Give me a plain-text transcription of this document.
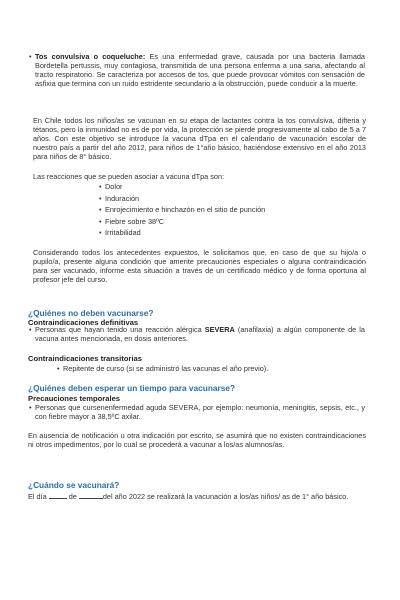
• Tos convulsiva o coqueluche: Es una enfermedad grave, causada por una bacteria llamada Bordetella pertussis, muy contagiosa, transmitida de una persona enferma a una sana, afectando al tracto respiratorio. Se caracteriza por accesos de tos, que puede provocar vómitos con sensación de asfixia que termina con un ruido estridente secundario a la obstrucción, puede conducir a la muerte.

En Chile todos los niños/as se vacunan en su etapa de lactantes contra la tos convulsiva, difteria y tétanos, pero la inmunidad no es de por vida, la protección se pierde progresivamente al cabo de 5 a 7 años. Con este objetivo se introduce la vacuna dTpa en el calendario de vacunación escolar de nuestro país a partir del año 2012, para niños de 1°año básico, haciéndose extensivo en el año 2013 para niños de 8° básico.

Las reacciones que se pueden asociar a vacuna dTpa son:

• Dolor
• Induración
• Enrojecimiento e hinchazón en el sitio de punción
• Fiebre sobre 38ºC
• Irritabilidad

Considerando todos los antecedentes expuestos, le solicitamos que, en caso de que su hijo/a o pupilo/a, presente alguna condición que amerite precauciones especiales o alguna contraindicación para ser vacunado, informe esta situación a través de un certificado médico y de forma oportuna al profesor jefe del curso.

¿Quiénes no deben vacunarse?
Contraindicaciones definitivas
• Personas que hayan tenido una reacción alérgica SEVERA (anafilaxia) a algún componente de la vacuna antes mencionada, en dosis anteriores.
Contraindicaciones transitorias
• Repitente de curso (si se administró las vacunas el año previo).
¿Quiénes deben esperar un tiempo para vacunarse?
Precauciones temporales
• Personas que cursenenfermedad aguda SEVERA, por ejemplo: neumonía, meningitis, sepsis, etc., y con fiebre mayor a 38,5ºC axilar.

En ausencia de notificación u otra indicación por escrito, se asumirá que no existen contraindicaciones ni otros impedimentos, por lo cual se procederá a vacunar a los/as alumnos/as.

¿Cuándo se vacunará?

El día  de	del año 2022 se realizará la vacunación a los/as niños/ as de 1° año básico.
